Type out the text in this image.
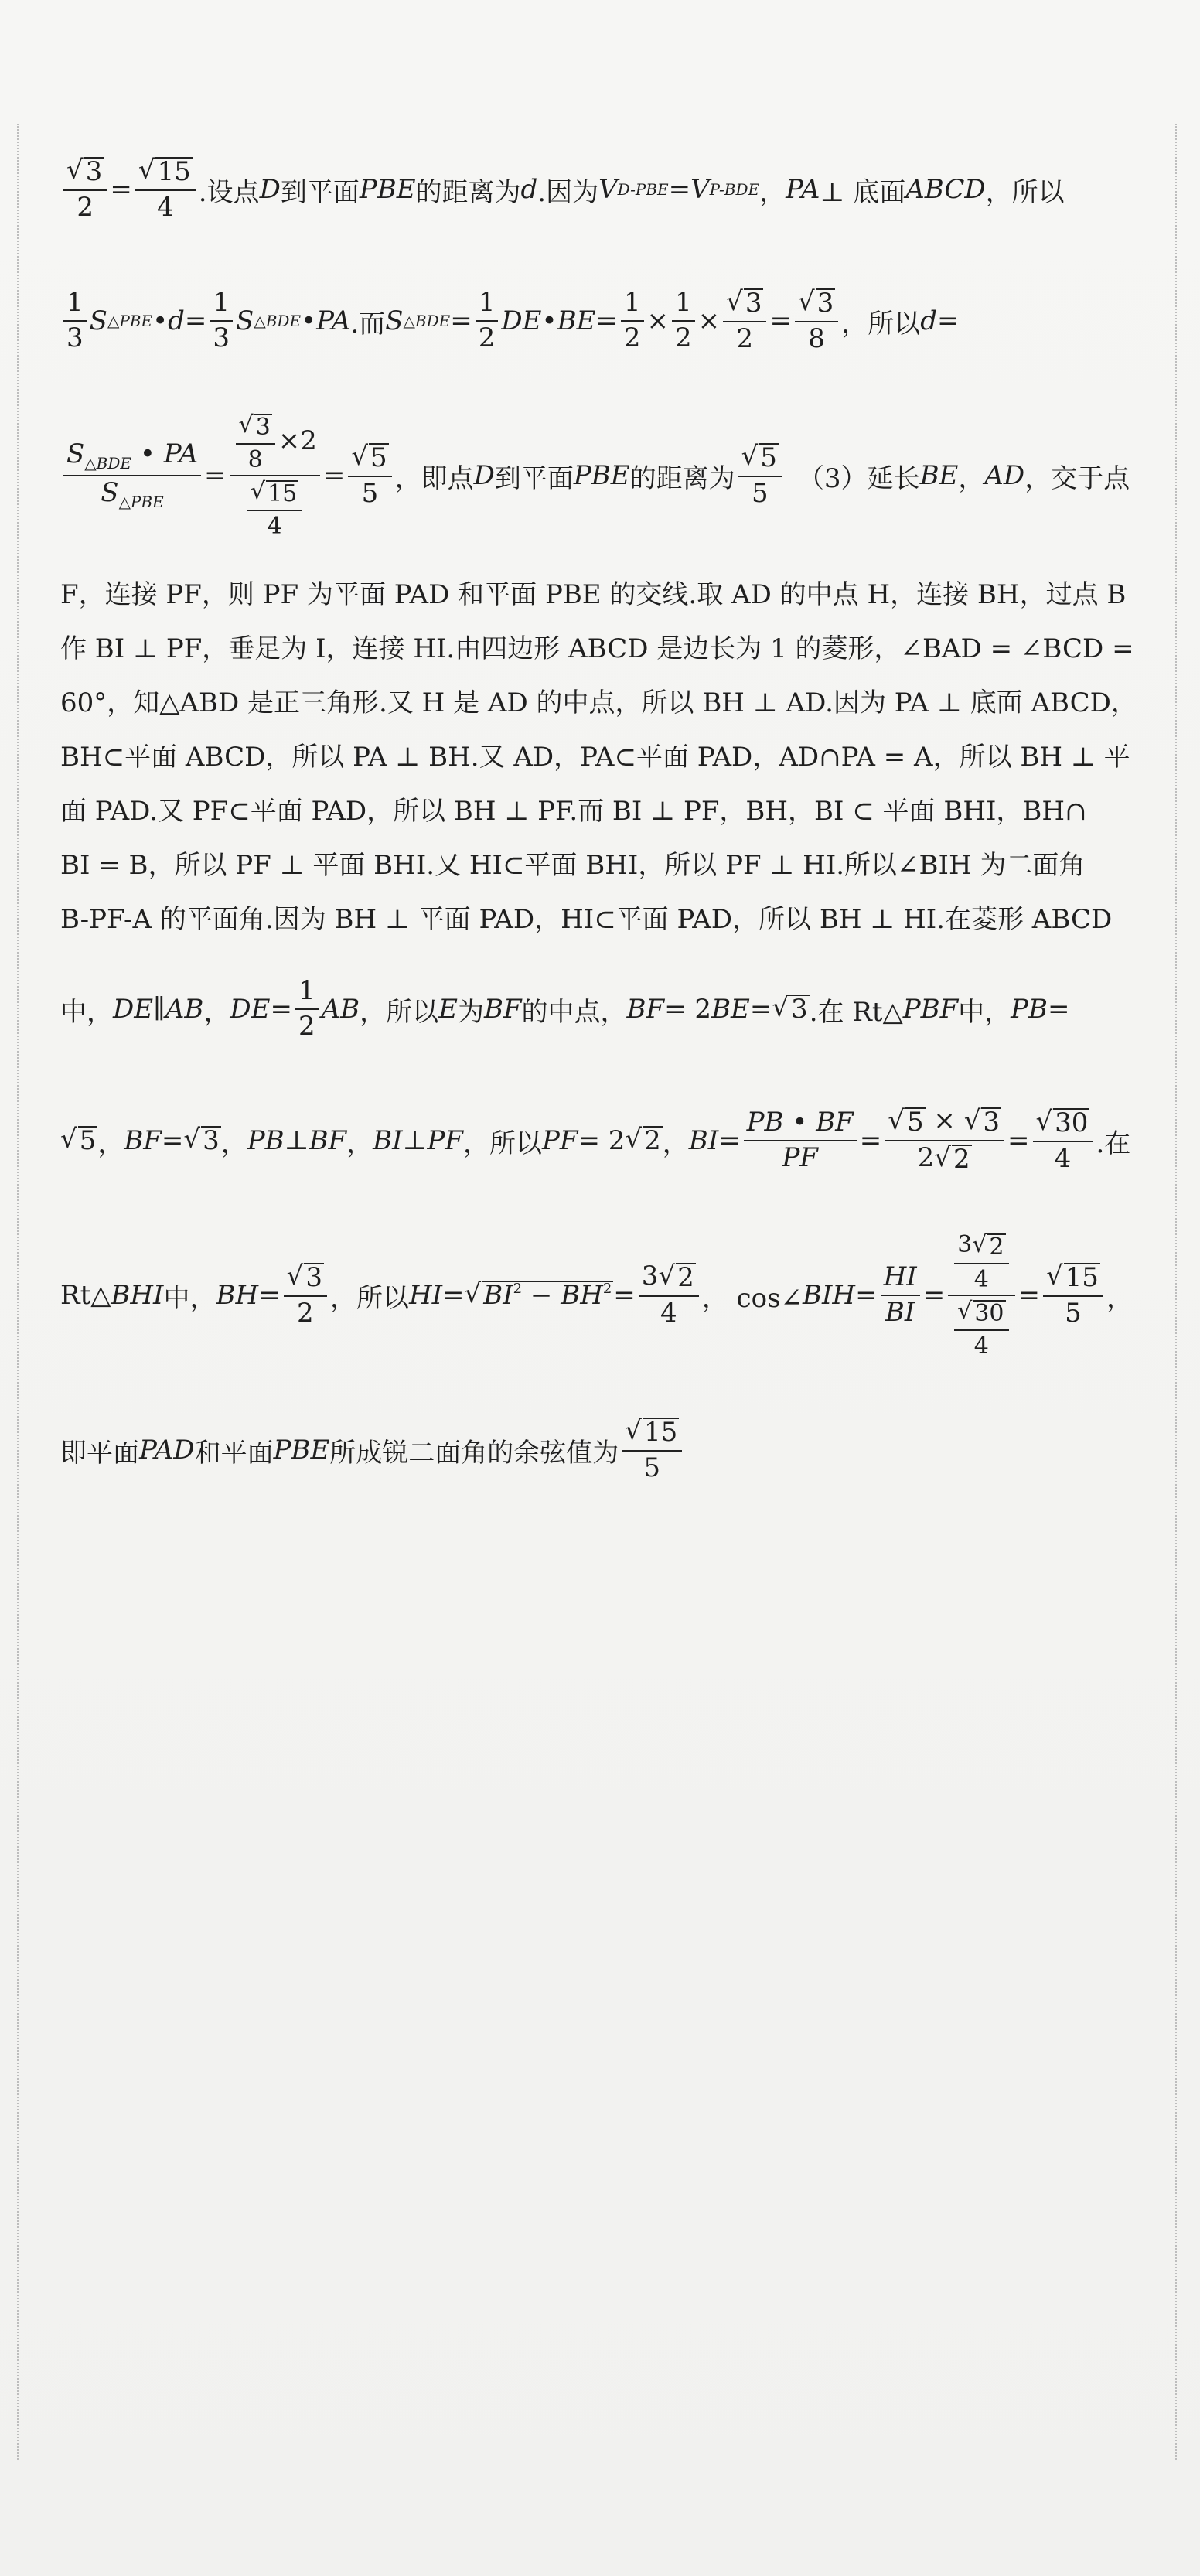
$\frac{√ 3}{2} = \frac{√ 15}{4}$ .设点 D 到平面 PBE 的距离为 d .因为 V D-PBE = V P-BDE ， PA ⊥ 底面 ABCD ，所以
$\frac{1}{3}$ S △PBE • $d = \frac{1}{3}$ S △BDE • PA .而 S △BDE = $\frac{1}{2}$ DE • BE = $\frac{1}{2} \times \frac{1}{2} \times \frac{√ 3}{2} = \frac{√ 3}{8}$ ，所以 d =
$\frac{S_{\triangle BDE} • PA}{S_{\triangle PBE}} = \frac{\frac{√ 3}{8} \times 2}{\frac{√ 15}{4}} = \frac{√ 5}{5}$ ，即点 D 到平面 PBE 的距离为 $\frac{√ 5}{5}$ 　（3）延长 BE ， AD ，交于点
F，连接 PF，则 PF 为平面 PAD 和平面 PBE 的交线.取 AD 的中点 H，连接 BH，过点 B
作 BI ⊥ PF，垂足为 I，连接 HI.由四边形 ABCD 是边长为 1 的菱形，∠BAD = ∠BCD =
60°，知△ABD 是正三角形.又 H 是 AD 的中点，所以 BH ⊥ AD.因为 PA ⊥ 底面 ABCD，
BH⊂平面 ABCD，所以 PA ⊥ BH.又 AD，PA⊂平面 PAD，AD∩PA = A，所以 BH ⊥ 平
面 PAD.又 PF⊂平面 PAD，所以 BH ⊥ PF.而 BI ⊥ PF，BH，BI ⊂ 平面 BHI，BH∩
BI = B，所以 PF ⊥ 平面 BHI.又 HI⊂平面 BHI，所以 PF ⊥ HI.所以∠BIH 为二面角
B-PF-A 的平面角.因为 BH ⊥ 平面 PAD，HI⊂平面 PAD，所以 BH ⊥ HI.在菱形 ABCD
中， DE ∥ AB ， DE = $\frac{1}{2}$ AB ，所以 E 为 BF 的中点， BF = 2 BE = √ 3 .在 Rt△ PBF 中， PB =
√ 5 ， BF = √ 3 ， PB ⊥ BF ， BI ⊥ PF ，所以 PF = 2 √ 2 ， BI = $\frac{PB • BF}{PF} = \frac{√ 5 \times √ 3}{2 √ 2} = \frac{√ 30}{4}$ .在
Rt△ BHI 中， BH = $\frac{√ 3}{2}$ ，所以 HI = √ $BI^2 - BH^2 = \frac{3 √ 2}{4}$ ， cos∠ BIH = $\frac{HI}{BI} = \frac{\frac{3 √ 2}{4}}{\frac{√ 30}{4}} = \frac{√ 15}{5}$ ，
即平面 PAD 和平面 PBE 所成锐二面角的余弦值为 $\frac{√ 15}{5}$
